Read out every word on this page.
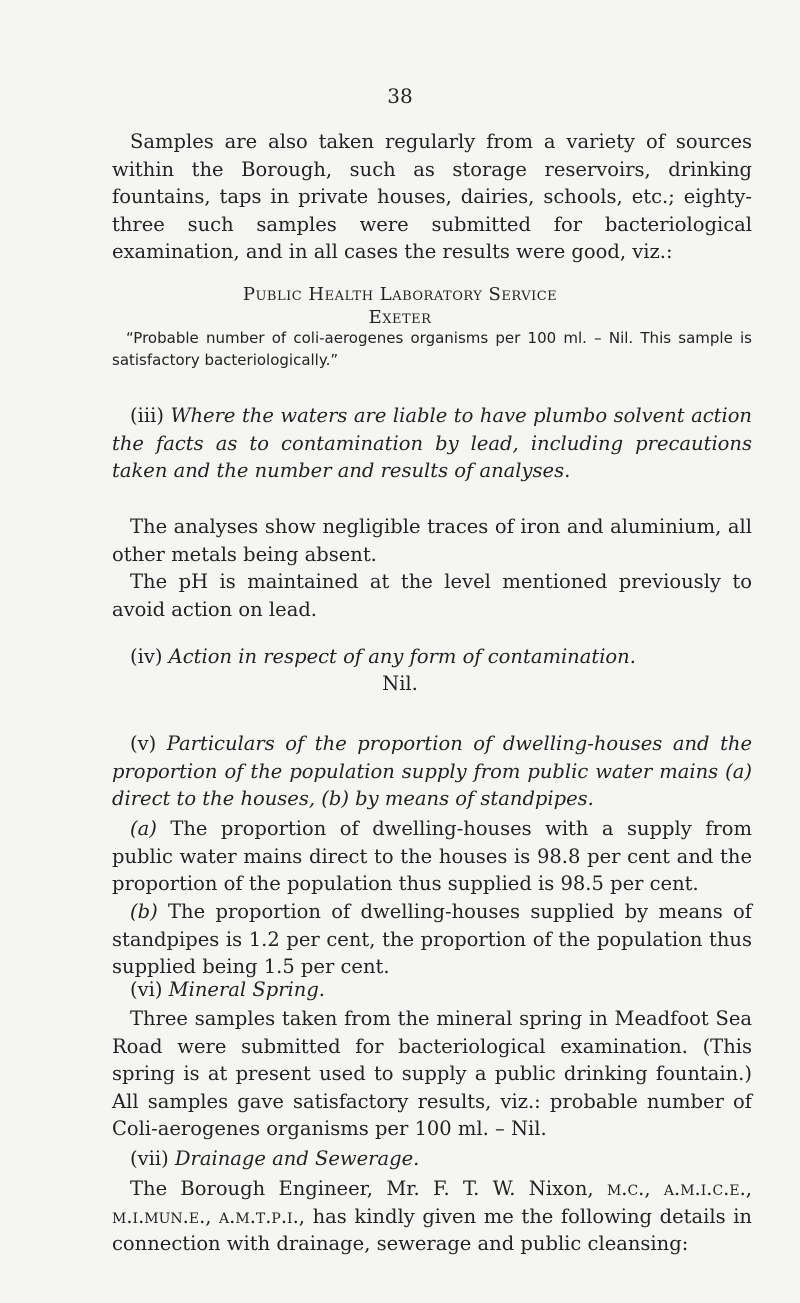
38

Samples are also taken regularly from a variety of sources within the Borough, such as storage reservoirs, drinking fountains, taps in private houses, dairies, schools, etc.; eighty-three such samples were submitted for bacteriological examination, and in all cases the results were good, viz.:

Public Health Laboratory Service

Exeter

“Probable number of coli-aerogenes organisms per 100 ml. – Nil. This sample is satisfactory bacteriologically.”

(iii) Where the waters are liable to have plumbo solvent action the facts as to contamination by lead, including precautions taken and the number and results of analyses.

The analyses show negligible traces of iron and aluminium, all other metals being absent.

The pH is maintained at the level mentioned previously to avoid action on lead.

(iv) Action in respect of any form of contamination.

Nil.

(v) Particulars of the proportion of dwelling-houses and the proportion of the population supply from public water mains (a) direct to the houses, (b) by means of standpipes.

(a) The proportion of dwelling-houses with a supply from public water mains direct to the houses is 98.8 per cent and the proportion of the population thus supplied is 98.5 per cent.

(b) The proportion of dwelling-houses supplied by means of standpipes is 1.2 per cent, the proportion of the population thus supplied being 1.5 per cent.

(vi) Mineral Spring.

Three samples taken from the mineral spring in Meadfoot Sea Road were submitted for bacteriological examination. (This spring is at present used to supply a public drinking fountain.) All samples gave satisfactory results, viz.: probable number of Coli-aerogenes organisms per 100 ml. – Nil.

(vii) Drainage and Sewerage.

The Borough Engineer, Mr. F. T. W. Nixon, m.c., a.m.i.c.e., m.i.mun.e., a.m.t.p.i., has kindly given me the following details in connection with drainage, sewerage and public cleansing:
